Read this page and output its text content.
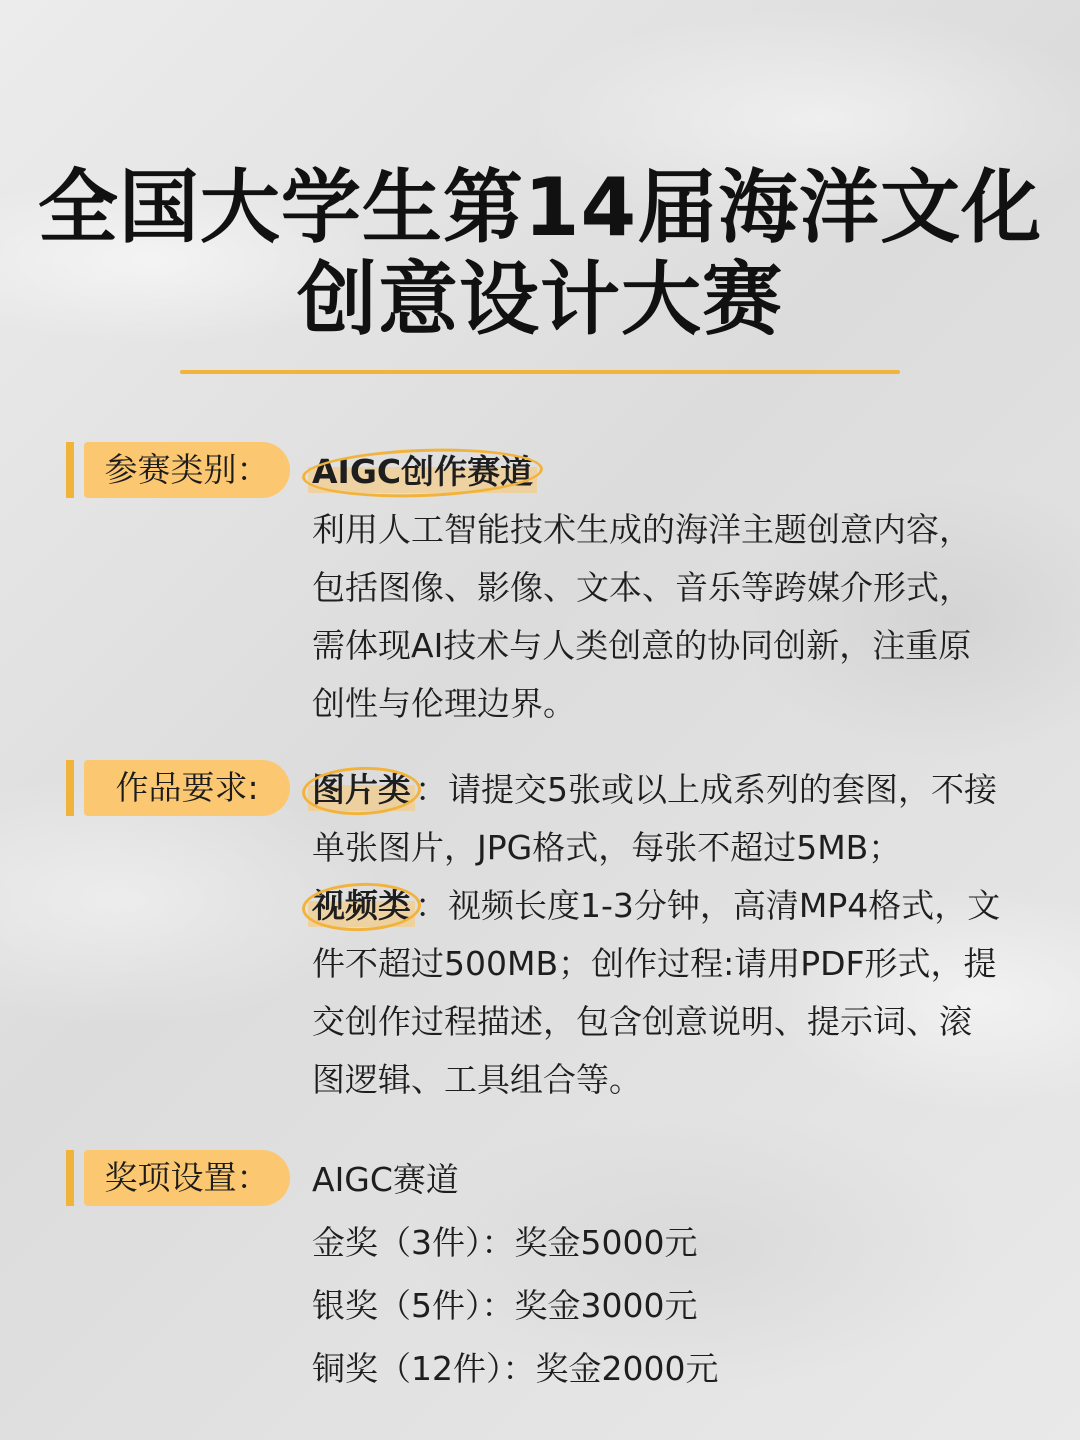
全国大学生第14届海洋文化
创意设计大赛
参赛类别：	AIGC创作赛道
利用人工智能技术生成的海洋主题创意内容，
包括图像、影像、文本、音乐等跨媒介形式，
需体现AI技术与人类创意的协同创新，注重原
创性与伦理边界。
作品要求:	图片类 ：请提交5张或以上成系列的套图，不接
单张图片，JPG格式，每张不超过5MB；
视频类 ：视频长度1-3分钟，高清MP4格式，文
件不超过500MB；创作过程:请用PDF形式，提
交创作过程描述，包含创意说明、提示词、滚
图逻辑、工具组合等。
奖项设置：	AIGC赛道
金奖（3件）：奖金5000元
银奖（5件）：奖金3000元
铜奖（12件）：奖金2000元
